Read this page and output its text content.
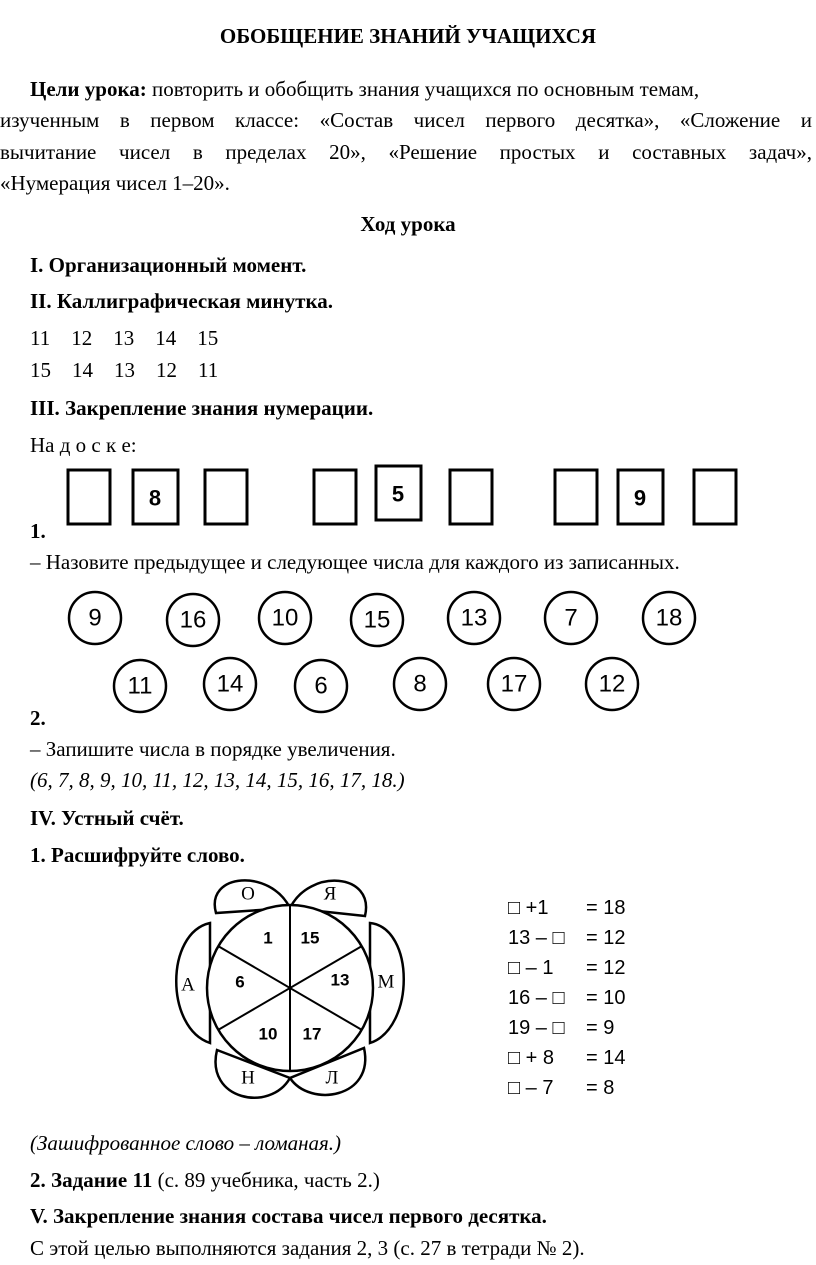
ОБОБЩЕНИЕ ЗНАНИЙ УЧАЩИХСЯ
Цели урока: повторить и обобщить знания учащихся по основным темам,
изученным в первом классе: «Состав чисел первого десятка», «Сложение и
вычитание чисел в пределах 20», «Решение простых и составных задач»,
«Нумерация чисел 1–20».
Ход урока
I. Организационный момент.
II. Каллиграфическая минутка.
11 12 13 14 15
15 14 13 12 11
III. Закрепление знания нумерации.
На д о с к е:
8	5	9
1.
– Назовите предыдущее и следующее числа для каждого из записанных.
9	16	10	15	13	7	18
11	14	6	8	17	12
2.
– Запишите числа в порядке увеличения.
(6, 7, 8, 9, 10, 11, 12, 13, 14, 15, 16, 17, 18.)
IV. Устный счёт.
1. Расшифруйте слово.
О	Я
М
Л
Н
А
1 15
13
17
10
6
□ +1 = 18
13 – □ = 12
□ – 1 = 12
16 – □ = 10
19 – □ = 9
□ + 8 = 14
□ – 7 = 8
(Зашифрованное слово – ломаная.)
2. Задание 11 (с. 89 учебника, часть 2.)
V. Закрепление знания состава чисел первого десятка.
С этой целью выполняются задания 2, 3 (с. 27 в тетради № 2).
